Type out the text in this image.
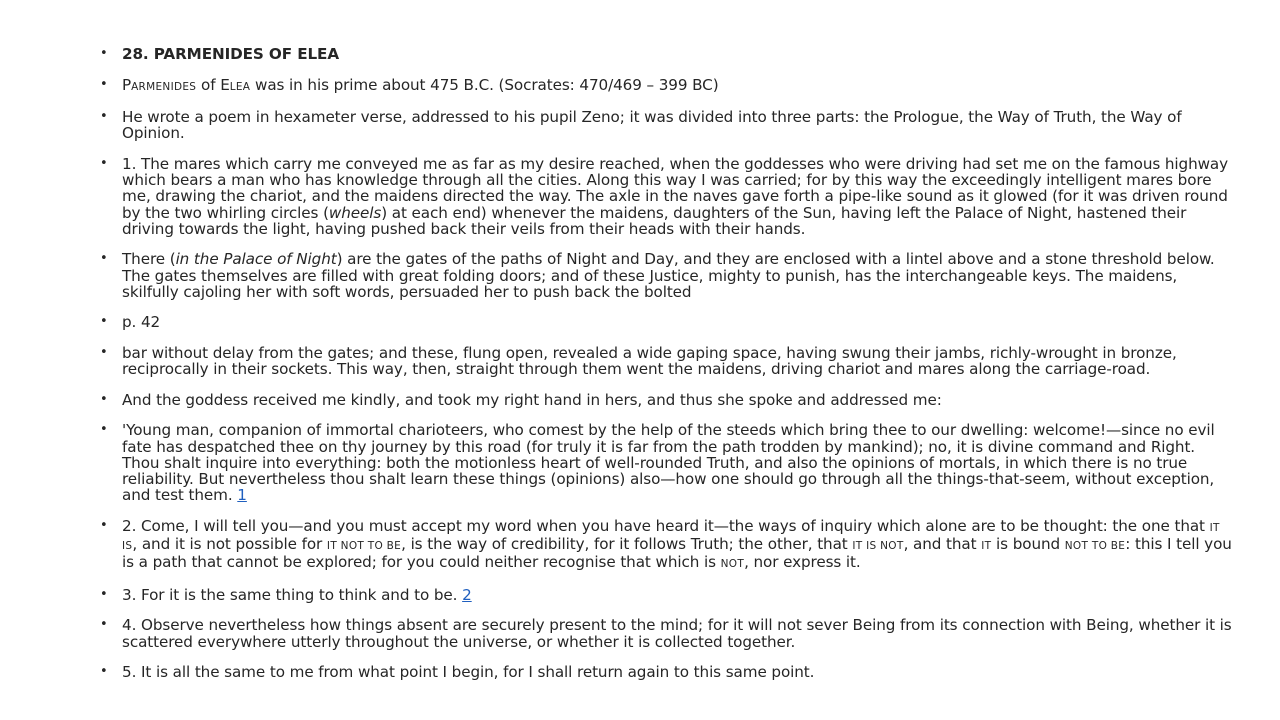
• 28. PARMENIDES OF ELEA
• PARMENIDES of ELEA was in his prime about 475 B.C. (Socrates: 470/469 – 399 BC)
• He wrote a poem in hexameter verse, addressed to his pupil Zeno; it was divided into three parts: the Prologue, the Way of Truth, the Way of Opinion.
• 1. The mares which carry me conveyed me as far as my desire reached, when the goddesses who were driving had set me on the famous highway which bears a man who has knowledge through all the cities. Along this way I was carried; for by this way the exceedingly intelligent mares bore me, drawing the chariot, and the maidens directed the way. The axle in the naves gave forth a pipe-like sound as it glowed (for it was driven round by the two whirling circles (wheels) at each end) whenever the maidens, daughters of the Sun, having left the Palace of Night, hastened their driving towards the light, having pushed back their veils from their heads with their hands.
• There (in the Palace of Night) are the gates of the paths of Night and Day, and they are enclosed with a lintel above and a stone threshold below. The gates themselves are filled with great folding doors; and of these Justice, mighty to punish, has the interchangeable keys. The maidens, skilfully cajoling her with soft words, persuaded her to push back the bolted
• p. 42
• bar without delay from the gates; and these, flung open, revealed a wide gaping space, having swung their jambs, richly-wrought in bronze, reciprocally in their sockets. This way, then, straight through them went the maidens, driving chariot and mares along the carriage-road.
• And the goddess received me kindly, and took my right hand in hers, and thus she spoke and addressed me:
• 'Young man, companion of immortal charioteers, who comest by the help of the steeds which bring thee to our dwelling: welcome!—since no evil fate has despatched thee on thy journey by this road (for truly it is far from the path trodden by mankind); no, it is divine command and Right. Thou shalt inquire into everything: both the motionless heart of well-rounded Truth, and also the opinions of mortals, in which there is no true reliability. But nevertheless thou shalt learn these things (opinions) also—how one should go through all the things-that-seem, without exception, and test them. 1
• 2. Come, I will tell you—and you must accept my word when you have heard it—the ways of inquiry which alone are to be thought: the one that IT IS, and it is not possible for IT NOT TO BE, is the way of credibility, for it follows Truth; the other, that IT IS NOT, and that IT is bound NOT TO BE: this I tell you is a path that cannot be explored; for you could neither recognise that which is NOT, nor express it.
• 3. For it is the same thing to think and to be. 2
• 4. Observe nevertheless how things absent are securely present to the mind; for it will not sever Being from its connection with Being, whether it is scattered everywhere utterly throughout the universe, or whether it is collected together.
• 5. It is all the same to me from what point I begin, for I shall return again to this same point.
